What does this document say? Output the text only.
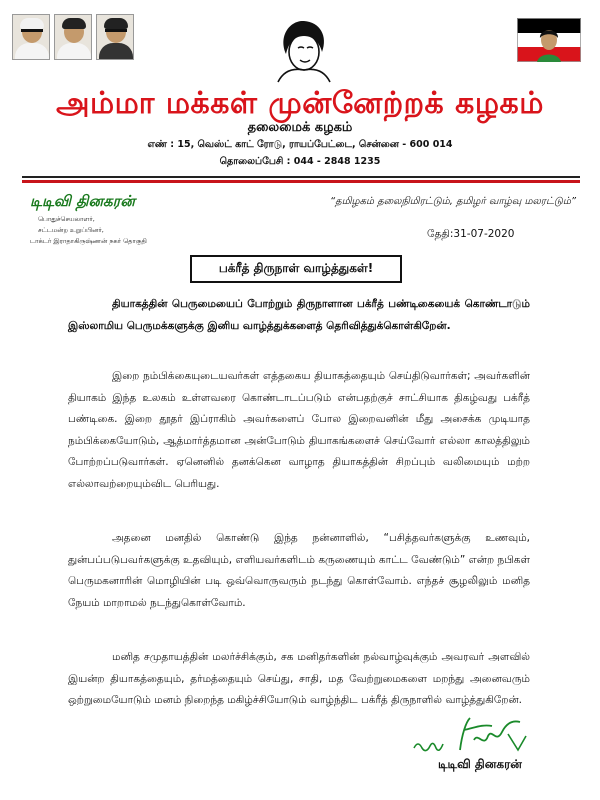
அம்மா மக்கள் முன்னேற்றக் கழகம்
தலைமைக் கழகம்
எண் : 15, வெஸ்ட் காட் ரோடு, ராயப்பேட்டை, சென்னை - 600 014
தொலைப்பேசி : 044 - 2848 1235
டிடிவி தினகரன்
பொதுச்செயலாளர்,
சட்டமன்ற உறுப்பினர்,
டாக்டர் இராதாகிருஷ்ணன் நகர் தொகுதி
“தமிழகம் தலைநிமிரட்டும், தமிழர் வாழ்வு மலரட்டும்”
தேதி:31-07-2020
பக்ரீத் திருநாள் வாழ்த்துகள்!

தியாகத்தின் பெருமையைப் போற்றும் திருநாளான பக்ரீத் பண்டிகையைக் கொண்டாடும் இஸ்லாமிய பெருமக்களுக்கு இனிய வாழ்த்துக்களைத் தெரிவித்துக்கொள்கிறேன்.

இறை நம்பிக்கையுடையவர்கள் எத்தகைய தியாகத்தையும் செய்திடுவார்கள்; அவர்களின் தியாகம் இந்த உலகம் உள்ளவரை கொண்டாடப்படும் என்பதற்குச் சாட்சியாக திகழ்வது பக்ரீத் பண்டிகை. இறை தூதர் இப்ராகிம் அவர்களைப் போல இறைவனின் மீது அசைக்க முடியாத நம்பிக்கையோடும், ஆத்மார்த்தமான அன்போடும் தியாகங்களைச் செய்வோர் எல்லா காலத்திலும் போற்றப்படுவார்கள். ஏனெனில் தனக்கென வாழாத தியாகத்தின் சிறப்பும் வலிமையும் மற்ற எல்லாவற்றையும்விட பெரியது.

அதனை மனதில் கொண்டு இந்த நன்னாளில், “பசித்தவர்களுக்கு உணவும், துன்பப்படுபவர்களுக்கு உதவியும், எளியவர்களிடம் கருணையும் காட்ட வேண்டும்” என்ற நபிகள் பெருமகனாரின் மொழியின் படி ஒவ்வொருவரும் நடந்து கொள்வோம். எந்தச் சூழலிலும் மனித நேயம் மாறாமல் நடந்துகொள்வோம்.

மனித சமுதாயத்தின் மலர்ச்சிக்கும், சக மனிதர்களின் நல்வாழ்வுக்கும் அவரவர் அளவில் இயன்ற தியாகத்தையும், தர்மத்தையும் செய்து, சாதி, மத வேற்றுமைகளை மறந்து அனைவரும் ஒற்றுமையோடும் மனம் நிறைந்த மகிழ்ச்சியோடும் வாழ்ந்திட பக்ரீத் திருநாளில் வாழ்த்துகிறேன்.

டிடிவி தினகரன்
